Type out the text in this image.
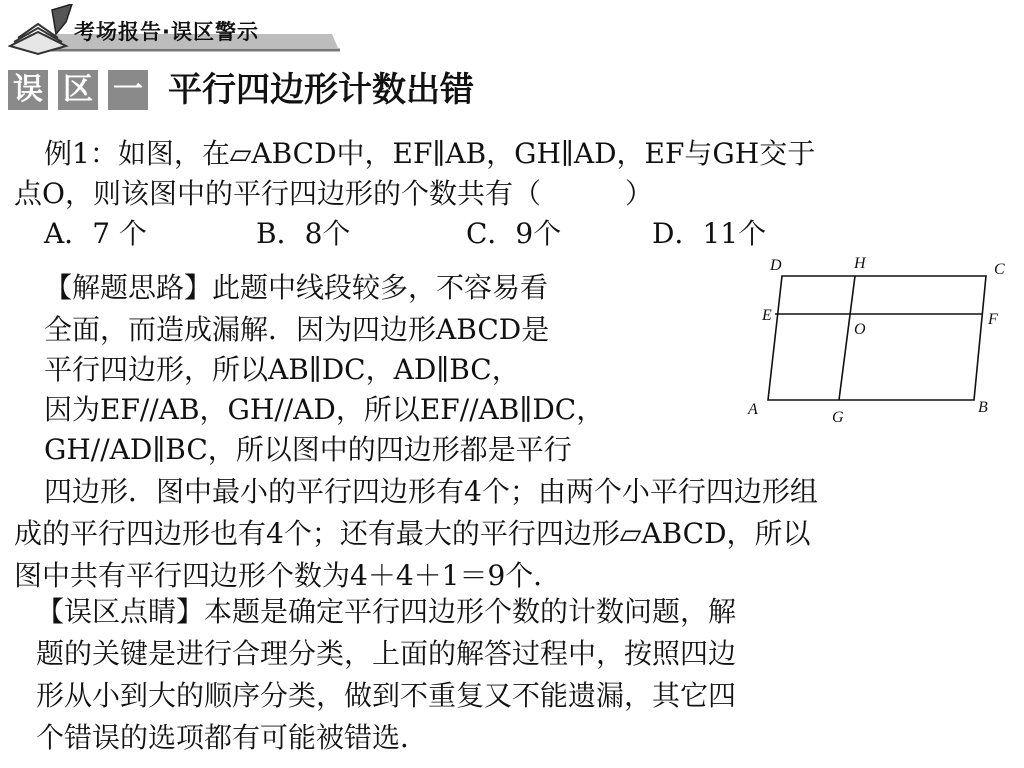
考场报告·误区警示
误 区 一 平行四边形计数出错
例1：如图，在▱ABCD中，EF∥AB，GH∥AD，EF与GH交于
点O，则该图中的平行四边形的个数共有（　　　）
A．7 个	B．8个	C．9个	D．11个
【解题思路】此题中线段较多，不容易看
全面，而造成漏解．因为四边形ABCD是
平行四边形，所以AB∥DC，AD∥BC，
因为EF//AB，GH//AD，所以EF//AB∥DC，
GH//AD∥BC，所以图中的四边形都是平行
四边形．图中最小的平行四边形有4个；由两个小平行四边形组
成的平行四边形也有4个；还有最大的平行四边形▱ABCD，所以
图中共有平行四边形个数为4＋4＋1＝9个．
【误区点睛】本题是确定平行四边形个数的计数问题，解
题的关键是进行合理分类，上面的解答过程中，按照四边
形从小到大的顺序分类，做到不重复又不能遗漏，其它四
个错误的选项都有可能被错选．
D	H	C
E
O
F
A	G
B
